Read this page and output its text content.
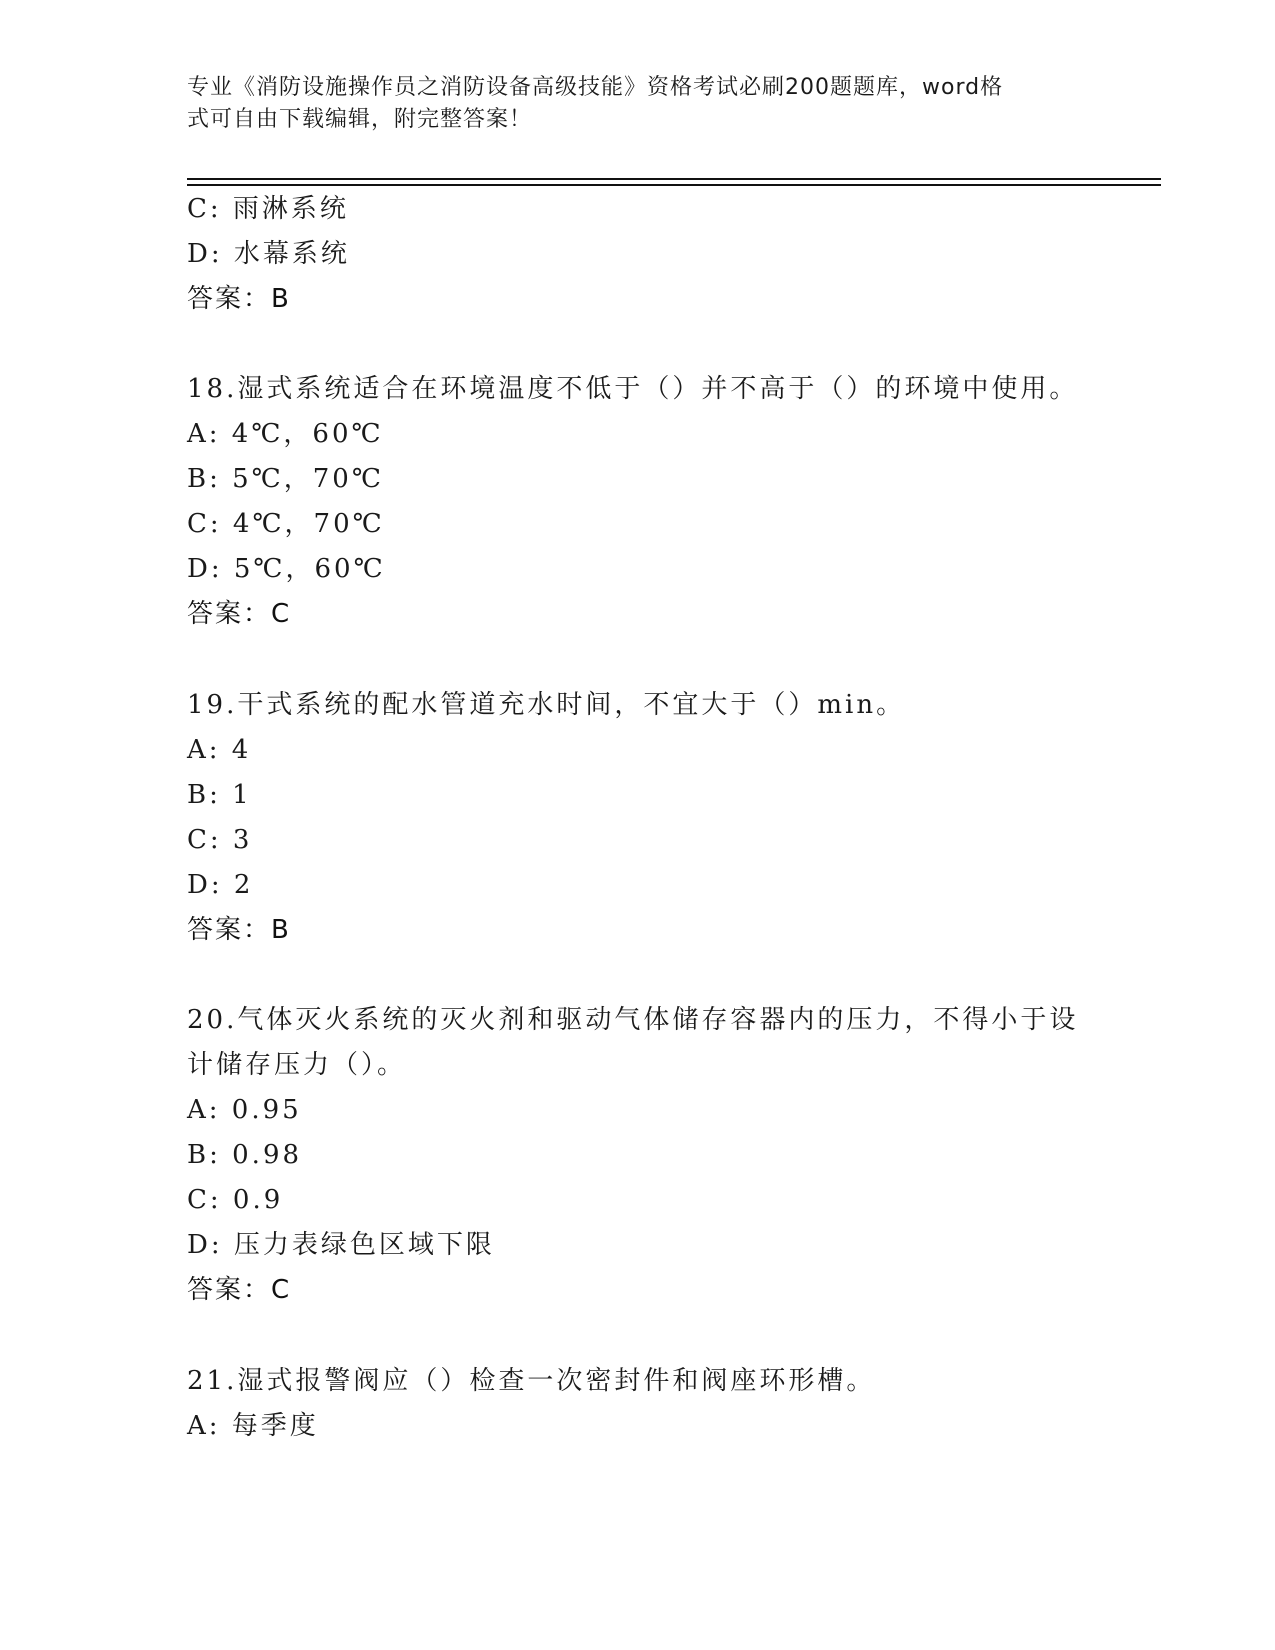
专业《消防设施操作员之消防设备高级技能》资格考试必刷200题题库，word格
式可自由下载编辑，附完整答案！
C: 雨淋系统
D: 水幕系统
答案：B
18.湿式系统适合在环境温度不低于（）并不高于（）的环境中使用。
A: 4℃，60℃
B: 5℃，70℃
C: 4℃，70℃
D: 5℃，60℃
答案：C
19.干式系统的配水管道充水时间，不宜大于（）min。
A: 4
B: 1
C: 3
D: 2
答案：B
20.气体灭火系统的灭火剂和驱动气体储存容器内的压力，不得小于设
计储存压力（）。
A: 0.95
B: 0.98
C: 0.9
D: 压力表绿色区域下限
答案：C
21.湿式报警阀应（）检查一次密封件和阀座环形槽。
A: 每季度
